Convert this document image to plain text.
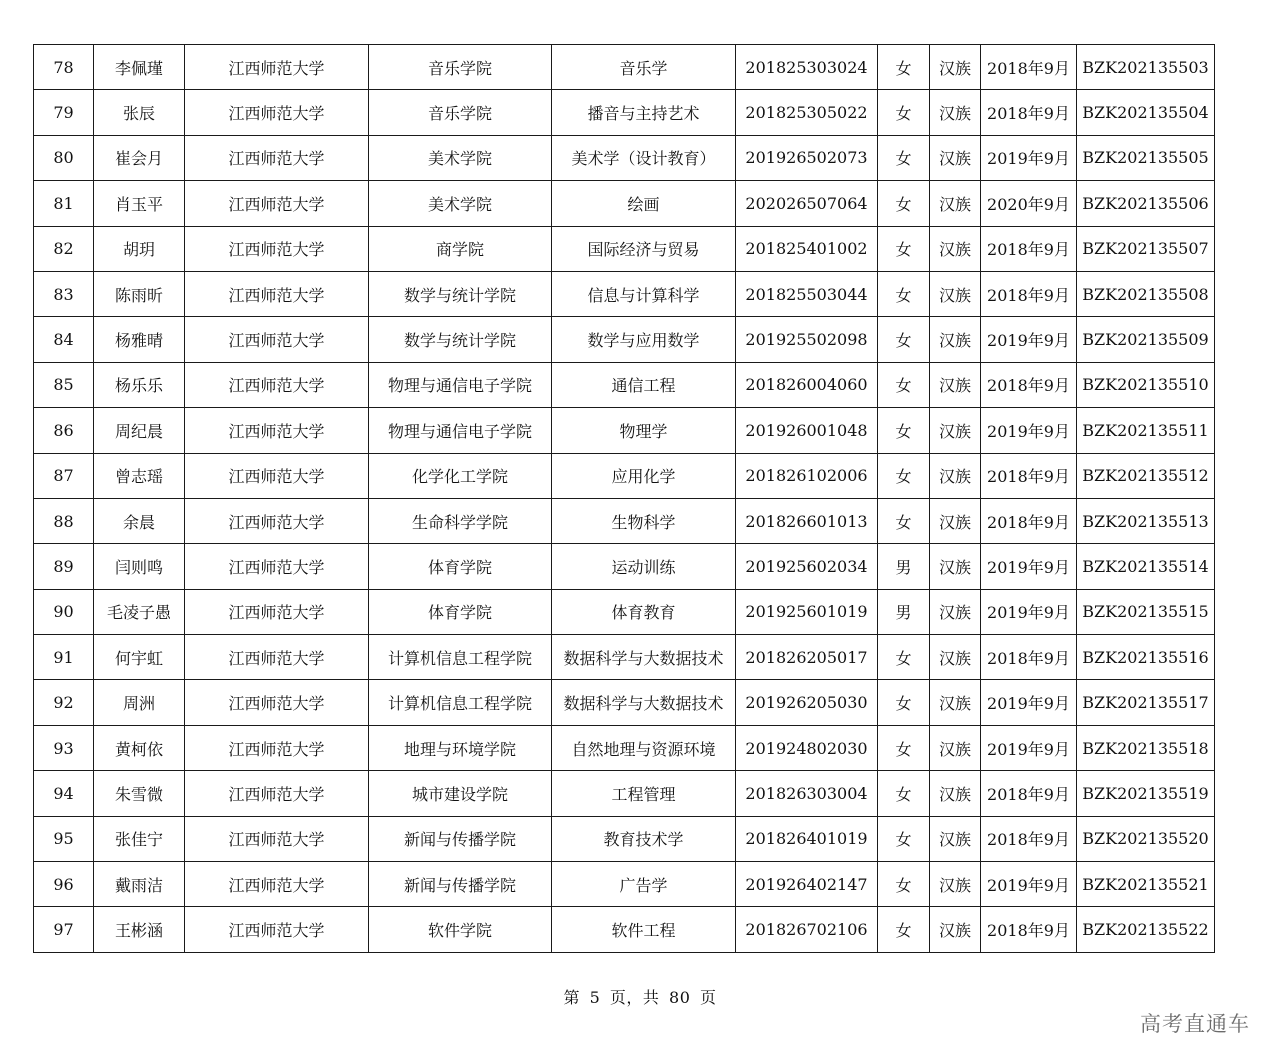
78	李佩瑾	江西师范大学	音乐学院	音乐学	201825303024	女	汉族	2018年9月	BZK202135503
79	张辰	江西师范大学	音乐学院	播音与主持艺术	201825305022	女	汉族	2018年9月	BZK202135504
80	崔会月	江西师范大学	美术学院	美术学（设计教育）	201926502073	女	汉族	2019年9月	BZK202135505
81	肖玉平	江西师范大学	美术学院	绘画	202026507064	女	汉族	2020年9月	BZK202135506
82	胡玥	江西师范大学	商学院	国际经济与贸易	201825401002	女	汉族	2018年9月	BZK202135507
83	陈雨昕	江西师范大学	数学与统计学院	信息与计算科学	201825503044	女	汉族	2018年9月	BZK202135508
84	杨雅晴	江西师范大学	数学与统计学院	数学与应用数学	201925502098	女	汉族	2019年9月	BZK202135509
85	杨乐乐	江西师范大学	物理与通信电子学院	通信工程	201826004060	女	汉族	2018年9月	BZK202135510
86	周纪晨	江西师范大学	物理与通信电子学院	物理学	201926001048	女	汉族	2019年9月	BZK202135511
87	曾志瑶	江西师范大学	化学化工学院	应用化学	201826102006	女	汉族	2018年9月	BZK202135512
88	余晨	江西师范大学	生命科学学院	生物科学	201826601013	女	汉族	2018年9月	BZK202135513
89	闫则鸣	江西师范大学	体育学院	运动训练	201925602034	男	汉族	2019年9月	BZK202135514
90	毛凌子愚	江西师范大学	体育学院	体育教育	201925601019	男	汉族	2019年9月	BZK202135515
91	何宇虹	江西师范大学	计算机信息工程学院	数据科学与大数据技术	201826205017	女	汉族	2018年9月	BZK202135516
92	周洲	江西师范大学	计算机信息工程学院	数据科学与大数据技术	201926205030	女	汉族	2019年9月	BZK202135517
93	黄柯依	江西师范大学	地理与环境学院	自然地理与资源环境	201924802030	女	汉族	2019年9月	BZK202135518
94	朱雪微	江西师范大学	城市建设学院	工程管理	201826303004	女	汉族	2018年9月	BZK202135519
95	张佳宁	江西师范大学	新闻与传播学院	教育技术学	201826401019	女	汉族	2018年9月	BZK202135520
96	戴雨洁	江西师范大学	新闻与传播学院	广告学	201926402147	女	汉族	2019年9月	BZK202135521
97	王彬涵	江西师范大学	软件学院	软件工程	201826702106	女	汉族	2018年9月	BZK202135522
第 5 页，共 80 页
高考直通车
